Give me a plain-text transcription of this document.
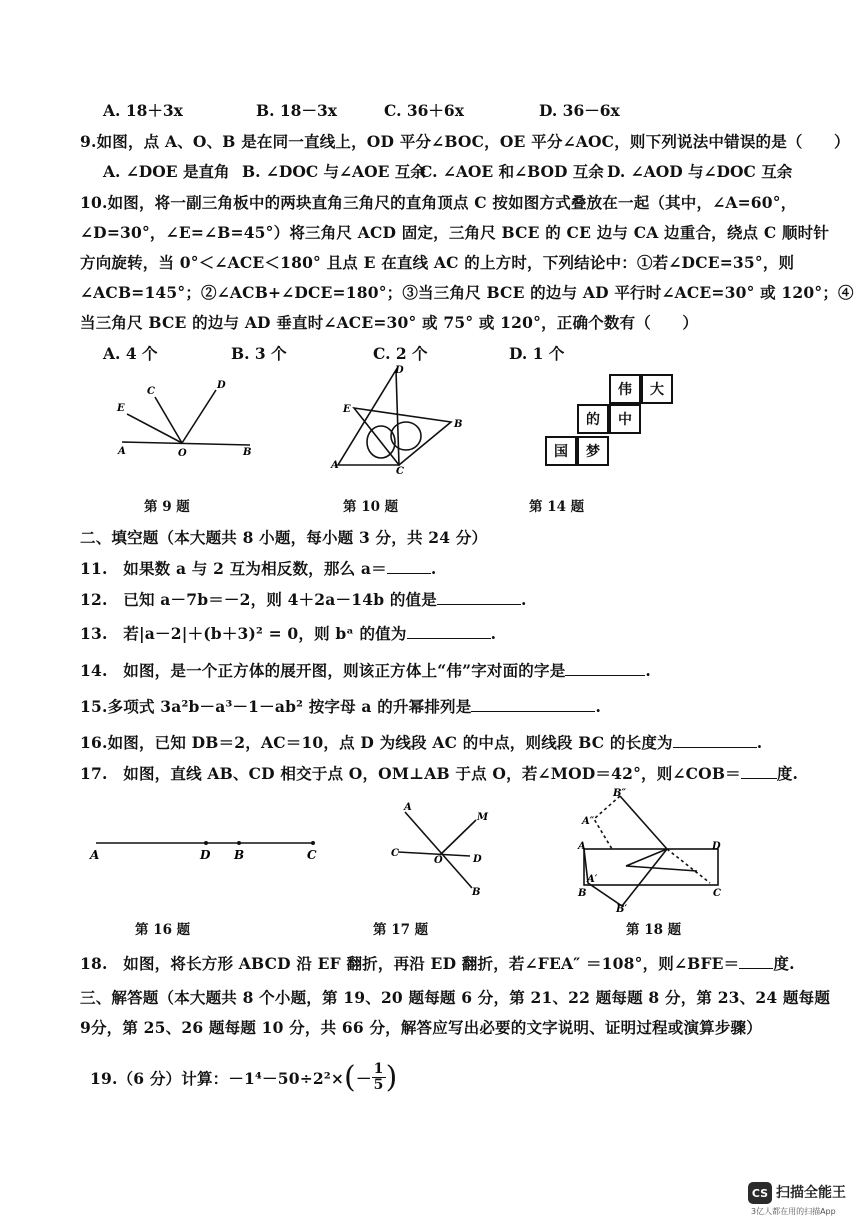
A. 18＋3x	B. 18－3x	C. 36＋6x	D. 36－6x
9.如图，点 A、O、B 是在同一直线上，OD 平分∠BOC，OE 平分∠AOC，则下列说法中错误的是（　　）
A. ∠DOE 是直角 B. ∠DOC 与∠AOE 互余
C. ∠AOE 和∠BOD 互余 D. ∠AOD 与∠DOC 互余
10.如图，将一副三角板中的两块直角三角尺的直角顶点 C 按如图方式叠放在一起（其中，∠A=60°，
∠D=30°，∠E=∠B=45°）将三角尺 ACD 固定，三角尺 BCE 的 CE 边与 CA 边重合，绕点 C 顺时针
方向旋转，当 0°＜∠ACE＜180° 且点 E 在直线 AC 的上方时，下列结论中：①若∠DCE=35°，则
∠ACB=145°；②∠ACB+∠DCE=180°；③当三角尺 BCE 的边与 AD 平行时∠ACE=30° 或 120°；④
当三角尺 BCE 的边与 AD 垂直时∠ACE=30° 或 75° 或 120°，正确个数有（　　）
A. 4 个	B. 3 个	C. 2 个	D. 1 个
C
D
E
A	O	B
第 9 题
D
E
B
A
C
第 10 题
伟	大
的	中
国	梦
第 14 题
二、填空题（本大题共 8 小题，每小题 3 分，共 24 分）
11.　如果数 a 与 2 互为相反数，那么 a＝	.
12.　已知 a－7b＝－2，则 4＋2a－14b 的值是	.
13.　若|a－2|＋(b＋3)² = 0，则 bᵃ 的值为	.
14.　如图，是一个正方体的展开图，则该正方体上“伟”字对面的字是	.
15.多项式 3a²b－a³－1－ab² 按字母 a 的升幂排列是	.
16.如图，已知 DB＝2，AC＝10，点 D 为线段 AC 的中点，则线段 BC 的长度为	.
17.　如图，直线 AB、CD 相交于点 O，OM⊥AB 于点 O，若∠MOD＝42°，则∠COB＝ 度.
A	D B	C
第 16 题
A
M
C
O	D
B
第 17 题
B″
A″
A	D
A′
B
B′
C
第 18 题
18.　如图，将长方形 ABCD 沿 EF 翻折，再沿 ED 翻折，若∠FEA″ ＝108°，则∠BFE＝ 度.
三、解答题（本大题共 8 个小题，第 19、20 题每题 6 分，第 21、22 题每题 8 分，第 23、24 题每题
9分，第 25、26 题每题 10 分，共 66 分，解答应写出必要的文字说明、证明过程或演算步骤）
19.（6 分）计算：－1⁴－50÷2²× ( － $\frac{1}{5}$ )
CS 扫描全能王
3亿人都在用的扫描App
